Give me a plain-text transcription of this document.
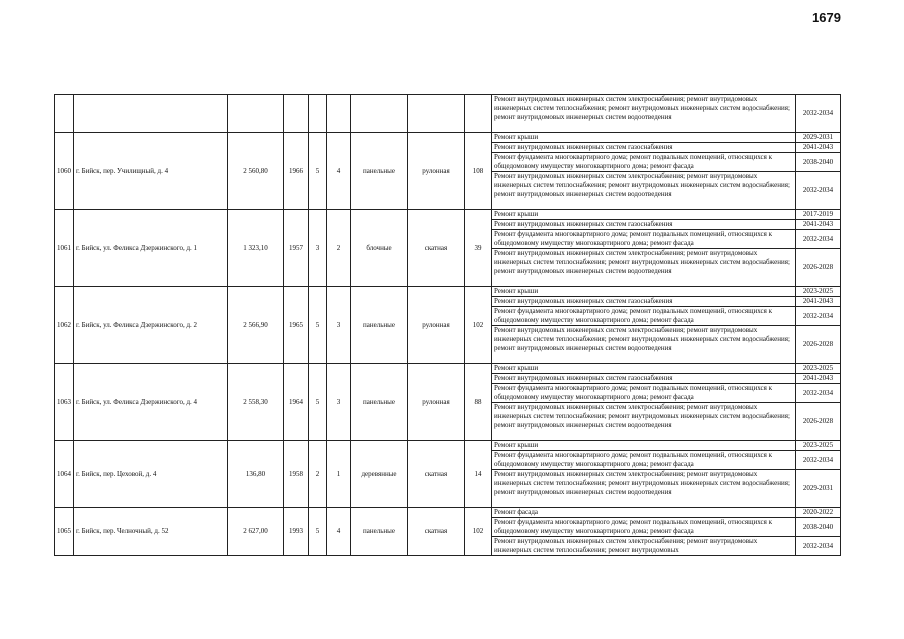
1679
									Ремонт внутридомовых инженерных систем электроснабжения; ремонт внутридомовых инженерных систем теплоснабжения; ремонт внутридомовых инженерных систем водоснабжения; ремонт внутридомовых инженерных систем водоотведения	2032-2034
1060	г. Бийск, пер. Училищный, д. 4	2 560,80	1966	5	4	панельные	рулонная	108	Ремонт крыши	2029-2031
									Ремонт внутридомовых инженерных систем газоснабжения	2041-2043
									Ремонт фундамента многоквартирного дома; ремонт подвальных помещений, относящихся к общедомовому имуществу многоквартирного дома; ремонт фасада	2038-2040
									Ремонт внутридомовых инженерных систем электроснабжения; ремонт внутридомовых инженерных систем теплоснабжения; ремонт внутридомовых инженерных систем водоснабжения; ремонт внутридомовых инженерных систем водоотведения	2032-2034
1061	г. Бийск, ул. Феликса Дзержинского, д. 1	1 323,10	1957	3	2	блочные	скатная	39	Ремонт крыши	2017-2019
									Ремонт внутридомовых инженерных систем газоснабжения	2041-2043
									Ремонт фундамента многоквартирного дома; ремонт подвальных помещений, относящихся к общедомовому имуществу многоквартирного дома; ремонт фасада	2032-2034
									Ремонт внутридомовых инженерных систем электроснабжения; ремонт внутридомовых инженерных систем теплоснабжения; ремонт внутридомовых инженерных систем водоснабжения; ремонт внутридомовых инженерных систем водоотведения	2026-2028
1062	г. Бийск, ул. Феликса Дзержинского, д. 2	2 566,90	1965	5	3	панельные	рулонная	102	Ремонт крыши	2023-2025
									Ремонт внутридомовых инженерных систем газоснабжения	2041-2043
									Ремонт фундамента многоквартирного дома; ремонт подвальных помещений, относящихся к общедомовому имуществу многоквартирного дома; ремонт фасада	2032-2034
									Ремонт внутридомовых инженерных систем электроснабжения; ремонт внутридомовых инженерных систем теплоснабжения; ремонт внутридомовых инженерных систем водоснабжения; ремонт внутридомовых инженерных систем водоотведения	2026-2028
1063	г. Бийск, ул. Феликса Дзержинского, д. 4	2 558,30	1964	5	3	панельные	рулонная	88	Ремонт крыши	2023-2025
									Ремонт внутридомовых инженерных систем газоснабжения	2041-2043
									Ремонт фундамента многоквартирного дома; ремонт подвальных помещений, относящихся к общедомовому имуществу многоквартирного дома; ремонт фасада	2032-2034
									Ремонт внутридомовых инженерных систем электроснабжения; ремонт внутридомовых инженерных систем теплоснабжения; ремонт внутридомовых инженерных систем водоснабжения; ремонт внутридомовых инженерных систем водоотведения	2026-2028
1064	г. Бийск, пер. Цеховой, д. 4	136,80	1958	2	1	деревянные	скатная	14	Ремонт крыши	2023-2025
									Ремонт фундамента многоквартирного дома; ремонт подвальных помещений, относящихся к общедомовому имуществу многоквартирного дома; ремонт фасада	2032-2034
									Ремонт внутридомовых инженерных систем электроснабжения; ремонт внутридомовых инженерных систем теплоснабжения; ремонт внутридомовых инженерных систем водоснабжения; ремонт внутридомовых инженерных систем водоотведения	2029-2031
1065	г. Бийск, пер. Челночный, д. 52	2 627,00	1993	5	4	панельные	скатная	102	Ремонт фасада	2020-2022
									Ремонт фундамента многоквартирного дома; ремонт подвальных помещений, относящихся к общедомовому имуществу многоквартирного дома; ремонт фасада	2038-2040
									Ремонт внутридомовых инженерных систем электроснабжения; ремонт внутридомовых инженерных систем теплоснабжения; ремонт внутридомовых	2032-2034
